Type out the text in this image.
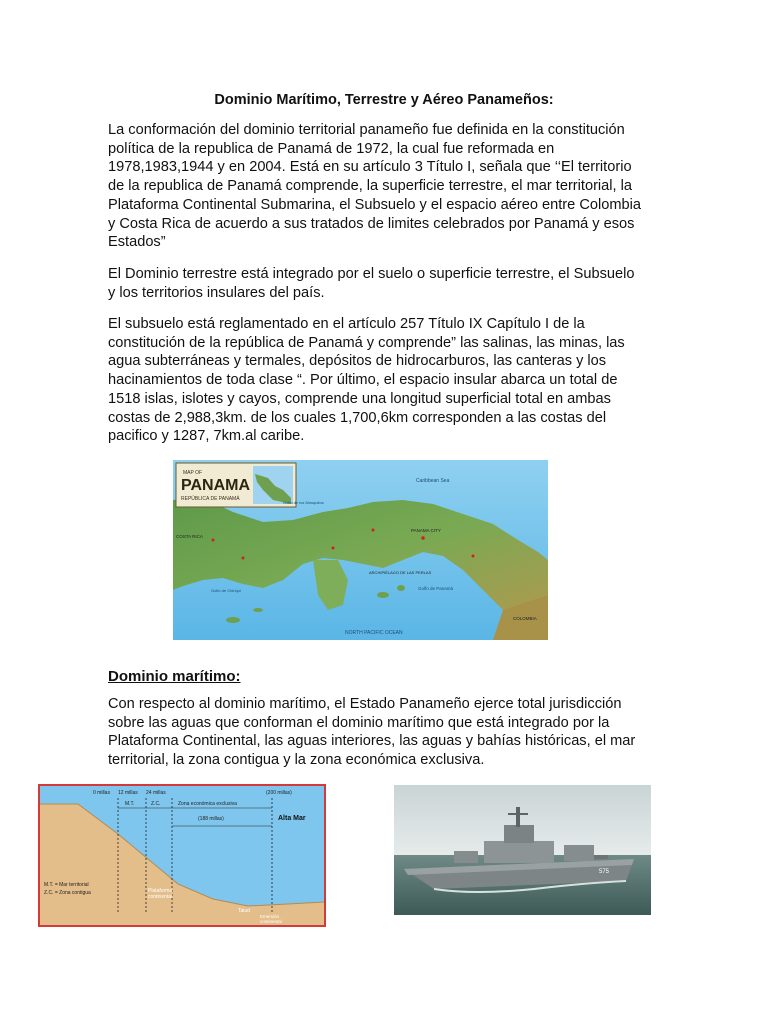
Dominio Marítimo, Terrestre y Aéreo Panameños:
La conformación del dominio territorial panameño fue definida en la constitución
política de la republica de Panamá de 1972, la cual fue reformada en
1978,1983,1944 y en 2004. Está en su artículo 3 Título I, señala que ‘‘El territorio
de la republica de Panamá comprende, la superficie terrestre, el mar territorial, la
Plataforma Continental Submarina, el Subsuelo y el espacio aéreo entre Colombia
y Costa Rica de acuerdo a sus tratados de limites celebrados por Panamá y esos
Estados”
El Dominio terrestre está integrado por el suelo o superficie terrestre, el Subsuelo
y los territorios insulares del país.
El subsuelo está reglamentado en el artículo 257 Título IX Capítulo I de la
constitución de la república de Panamá y comprende” las salinas, las minas, las
agua subterráneas y termales, depósitos de hidrocarburos, las canteras y los
hacinamientos de toda clase “. Por último, el espacio insular abarca un total de
1518 islas, islotes y cayos, comprende una longitud superficial total en ambas
costas de 2,988,3km. de los cuales 1,700,6km corresponden a las costas del
pacifico y 1287, 7km.al caribe.
MAP OF
PANAMA
REPÚBLICA DE PANAMÁ
Caribbean Sea
NORTH PACIFIC OCEAN
Golfo de Panamá
ARCHIPIÉLAGO DE LAS PERLAS
PANAMA CITY
COSTA RICA
COLOMBIA
Golfo de Chiriquí
Golfo de los Mosquitos
Dominio marítimo:
Con respecto al dominio marítimo, el Estado Panameño ejerce total jurisdicción
sobre las aguas que conforman el dominio marítimo que está integrado por la
Plataforma Continental, las aguas interiores, las aguas y bahías históricas, el mar
territorial, la zona contigua y la zona económica exclusiva.
0 millas 12 millas 24 millas	(200 millas)
M.T.	Z.C.	Zona económica exclusiva
(188 millas)	Alta Mar
M.T. = Mar territorial
Z.C. = Zona contigua	Plataforma continental
Talud
Emersión continental
575
